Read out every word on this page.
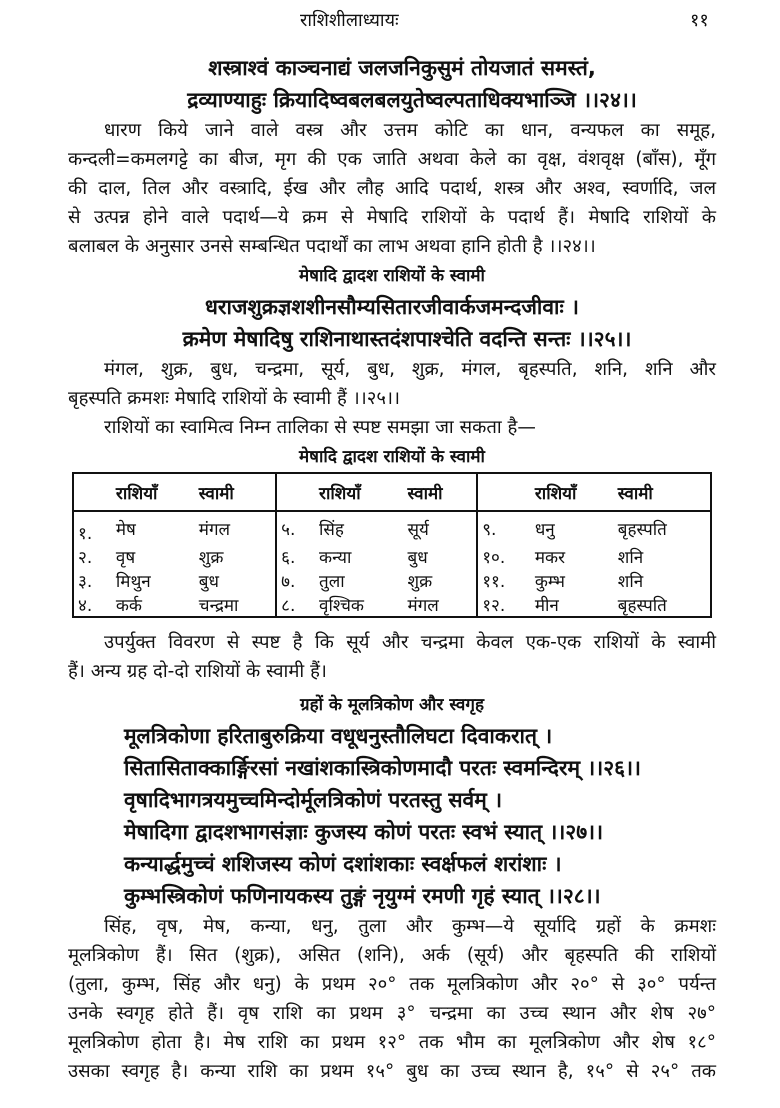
राशिशीलाध्यायः	११
शस्त्राश्वं काञ्चनाद्यं जलजनिकुसुमं तोयजातं समस्तं,
द्रव्याण्याहुः क्रियादिष्वबलबलयुतेष्वल्पताधिक्यभाञ्जि ।।२४।।
धारण किये जाने वाले वस्त्र और उत्तम कोटि का धान, वन्यफल का समूह,
कन्दली=कमलगट्टे का बीज, मृग की एक जाति अथवा केले का वृक्ष, वंशवृक्ष (बाँस), मूँग
की दाल, तिल और वस्त्रादि, ईख और लौह आदि पदार्थ, शस्त्र और अश्व, स्वर्णादि, जल
से उत्पन्न होने वाले पदार्थ—ये क्रम से मेषादि राशियों के पदार्थ हैं। मेषादि राशियों के
बलाबल के अनुसार उनसे सम्बन्धित पदार्थों का लाभ अथवा हानि होती है ।।२४।।
मेषादि द्वादश राशियों के स्वामी
धराजशुक्रज्ञशशीनसौम्यसितारजीवार्कजमन्दजीवाः ।
क्रमेण मेषादिषु राशिनाथास्तदंशपाश्चेति वदन्ति सन्तः ।।२५।।
मंगल, शुक्र, बुध, चन्द्रमा, सूर्य, बुध, शुक्र, मंगल, बृहस्पति, शनि, शनि और
बृहस्पति क्रमशः मेषादि राशियों के स्वामी हैं ।।२५।।
राशियों का स्वामित्व निम्न तालिका से स्पष्ट समझा जा सकता है—
मेषादि द्वादश राशियों के स्वामी
	राशियाँ	स्वामी		राशियाँ	स्वामी		राशियाँ	स्वामी
१.	मेष	मंगल	५.	सिंह	सूर्य	९.	धनु	बृहस्पति
२.	वृष	शुक्र	६.	कन्या	बुध	१०.	मकर	शनि
३.	मिथुन	बुध	७.	तुला	शुक्र	११.	कुम्भ	शनि
४.	कर्क	चन्द्रमा	८.	वृश्चिक	मंगल	१२.	मीन	बृहस्पति
उपर्युक्त विवरण से स्पष्ट है कि सूर्य और चन्द्रमा केवल एक-एक राशियों के स्वामी
हैं। अन्य ग्रह दो-दो राशियों के स्वामी हैं।
ग्रहों के मूलत्रिकोण और स्वगृह
मूलत्रिकोणा हरिताबुरुक्रिया वधूधनुस्तौलिघटा दिवाकरात् ।
सितासिताक्कार्ङ्गिरसां नखांशकास्त्रिकोणमादौ परतः स्वमन्दिरम् ।।२६।।
वृषादिभागत्रयमुच्चमिन्दोर्मूलत्रिकोणं परतस्तु सर्वम् ।
मेषादिगा द्वादशभागसंज्ञाः कुजस्य कोणं परतः स्वभं स्यात् ।।२७।।
कन्यार्द्धमुच्चं शशिजस्य कोणं दशांशकाः स्वर्क्षफलं शरांशाः ।
कुम्भस्त्रिकोणं फणिनायकस्य तुङ्गं नृयुग्मं रमणी गृहं स्यात् ।।२८।।
सिंह, वृष, मेष, कन्या, धनु, तुला और कुम्भ—ये सूर्यादि ग्रहों के क्रमशः
मूलत्रिकोण हैं। सित (शुक्र), असित (शनि), अर्क (सूर्य) और बृहस्पति की राशियों
(तुला, कुम्भ, सिंह और धनु) के प्रथम २०° तक मूलत्रिकोण और २०° से ३०° पर्यन्त
उनके स्वगृह होते हैं। वृष राशि का प्रथम ३° चन्द्रमा का उच्च स्थान और शेष २७°
मूलत्रिकोण होता है। मेष राशि का प्रथम १२° तक भौम का मूलत्रिकोण और शेष १८°
उसका स्वगृह है। कन्या राशि का प्रथम १५° बुध का उच्च स्थान है, १५° से २५° तक
